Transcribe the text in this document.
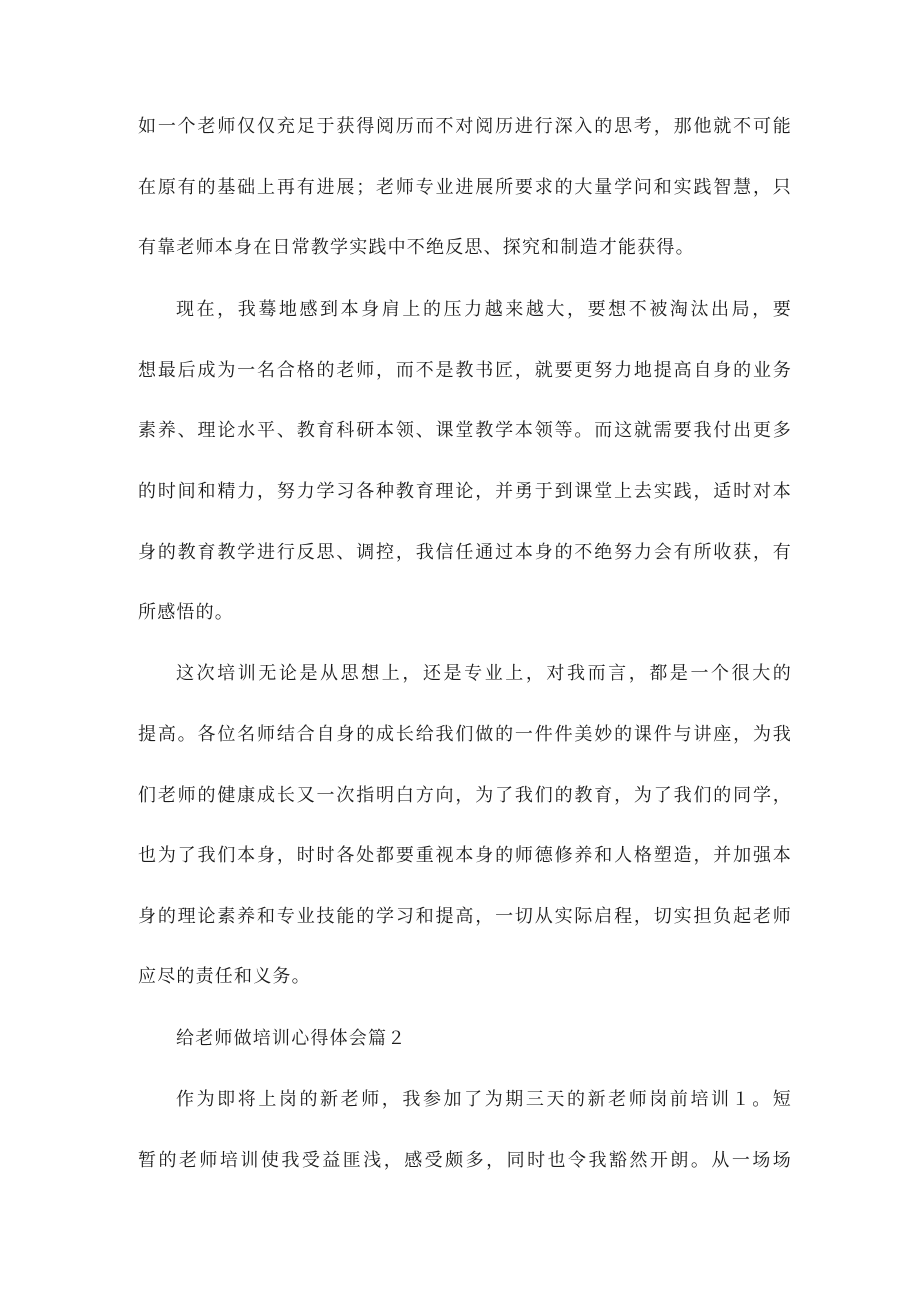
如一个老师仅仅充足于获得阅历而不对阅历进行深入的思考，那他就不可能
在原有的基础上再有进展；老师专业进展所要求的大量学问和实践智慧，只
有靠老师本身在日常教学实践中不绝反思、探究和制造才能获得。
现在，我蓦地感到本身肩上的压力越来越大，要想不被淘汰出局，要
想最后成为一名合格的老师，而不是教书匠，就要更努力地提高自身的业务
素养、理论水平、教育科研本领、课堂教学本领等。而这就需要我付出更多
的时间和精力，努力学习各种教育理论，并勇于到课堂上去实践，适时对本
身的教育教学进行反思、调控，我信任通过本身的不绝努力会有所收获，有
所感悟的。
这次培训无论是从思想上，还是专业上，对我而言，都是一个很大的
提高。各位名师结合自身的成长给我们做的一件件美妙的课件与讲座，为我
们老师的健康成长又一次指明白方向，为了我们的教育，为了我们的同学，
也为了我们本身，时时各处都要重视本身的师德修养和人格塑造，并加强本
身的理论素养和专业技能的学习和提高，一切从实际启程，切实担负起老师
应尽的责任和义务。
给老师做培训心得体会篇２
作为即将上岗的新老师，我参加了为期三天的新老师岗前培训１。短
暂的老师培训使我受益匪浅，感受颇多，同时也令我豁然开朗。从一场场
